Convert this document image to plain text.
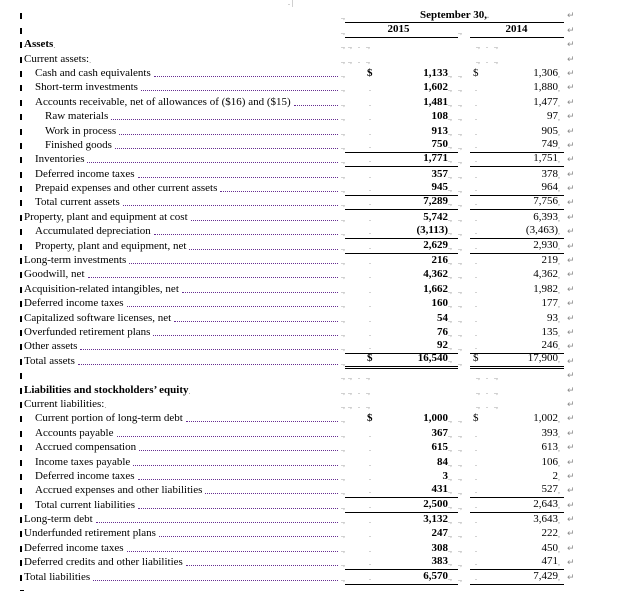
. |
.,	September 30,.	↵
.,	2015	.,	2014	↵
Assets .	., .,   .   .,	.,   .   .,	↵
Current assets: .	., .,   .   .,	.,   .   .,	↵
Cash and cash equivalents	., $	1,133 ., ., $	1,306 , ↵
Short-term investments	.,	.	1,602 ., ., .	1,880 , ↵
Accounts receivable, net of allowances of ($16) and ($15)	.,	.	1,481 ., ., .	1,477 , ↵
Raw materials	.,	.	108 ., ., .	97 , ↵
Work in process	.,	.	913 ., ., .	905 , ↵
Finished goods	.,	.	750 ., ., .	749 , ↵
Inventories	.,	.	1,771 ., ., .	1,751 , ↵
Deferred income taxes	.,	.	357 ., ., .	378 , ↵
Prepaid expenses and other current assets	.,	.	945 ., ., .	964 , ↵
Total current assets	.,	.	7,289 ., ., .	7,756 , ↵
Property, plant and equipment at cost	.,	.	5,742 ., ., .	6,393 , ↵
Accumulated depreciation	.,	.	(3,113) ., ., .	(3,463) , ↵
Property, plant and equipment, net	.,	.	2,629 ., ., .	2,930 , ↵
Long-term investments	.,	.	216 ., ., .	219 , ↵
Goodwill, net	.,	.	4,362 ., ., .	4,362 , ↵
Acquisition-related intangibles, net	.,	.	1,662 ., ., .	1,982 , ↵
Deferred income taxes	.,	.	160 ., ., .	177 , ↵
Capitalized software licenses, net	.,	.	54 ., ., .	93 , ↵
Overfunded retirement plans	.,	.	76 ., ., .	135 , ↵
Other assets	.,	.	92 ., ., .	246 , ↵
Total assets	., $	16,540 ., ., $	17,900 , ↵
., .,   .   .,	.,   .   .,	↵
Liabilities and stockholders’ equity .	., .,   .   .,	.,   .   .,	↵
Current liabilities: .	., .,   .   .,	.,   .   .,	↵
Current portion of long-term debt	., $	1,000 ., ., $	1,002 , ↵
Accounts payable	.,	.	367 ., ., .	393 , ↵
Accrued compensation	.,	.	615 ., ., .	613 , ↵
Income taxes payable	.,	.	84 ., ., .	106 , ↵
Deferred income taxes	.,	.	3 ., ., .	2 , ↵
Accrued expenses and other liabilities	.,	.	431 ., ., .	527 , ↵
Total current liabilities	.,	.	2,500 ., ., .	2,643 , ↵
Long-term debt	.,	.	3,132 ., ., .	3,643 , ↵
Underfunded retirement plans	.,	.	247 ., ., .	222 , ↵
Deferred income taxes	.,	.	308 ., ., .	450 , ↵
Deferred credits and other liabilities	.,	.	383 ., ., .	471 , ↵
Total liabilities	.,	.	6,570 ., ., .	7,429 , ↵
